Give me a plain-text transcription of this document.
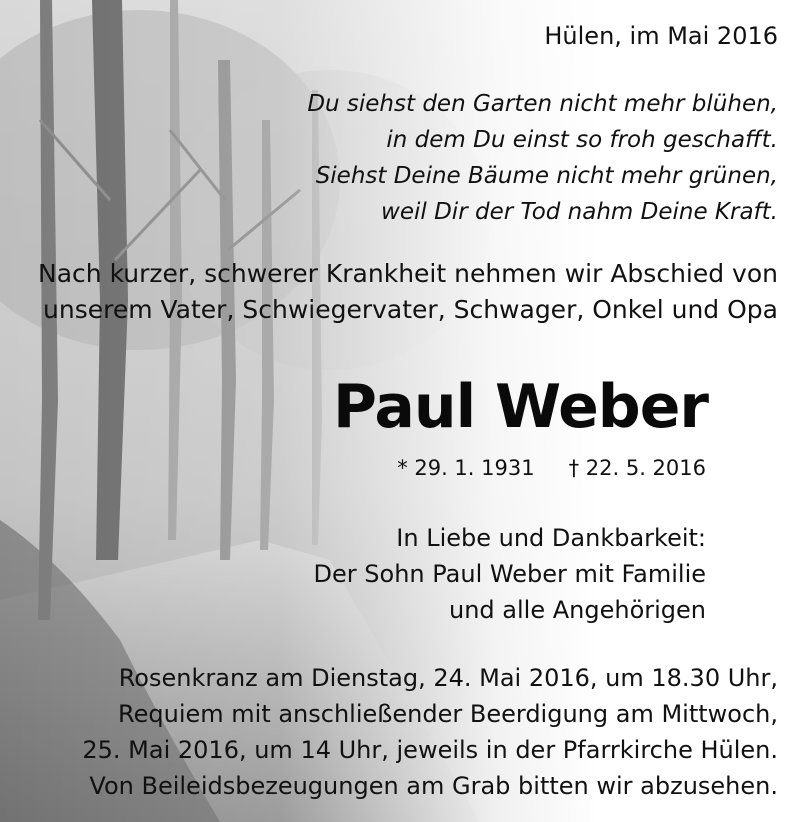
Hülen, im Mai 2016
Du siehst den Garten nicht mehr blühen,
in dem Du einst so froh geschafft.
Siehst Deine Bäume nicht mehr grünen,
weil Dir der Tod nahm Deine Kraft.
Nach kurzer, schwerer Krankheit nehmen wir Abschied von
unserem Vater, Schwiegervater, Schwager, Onkel und Opa
Paul Weber
* 29. 1. 1931 † 22. 5. 2016
In Liebe und Dankbarkeit:
Der Sohn Paul Weber mit Familie
und alle Angehörigen
Rosenkranz am Dienstag, 24. Mai 2016, um 18.30 Uhr,
Requiem mit anschließender Beerdigung am Mittwoch,
25. Mai 2016, um 14 Uhr, jeweils in der Pfarrkirche Hülen.
Von Beileidsbezeugungen am Grab bitten wir abzusehen.
